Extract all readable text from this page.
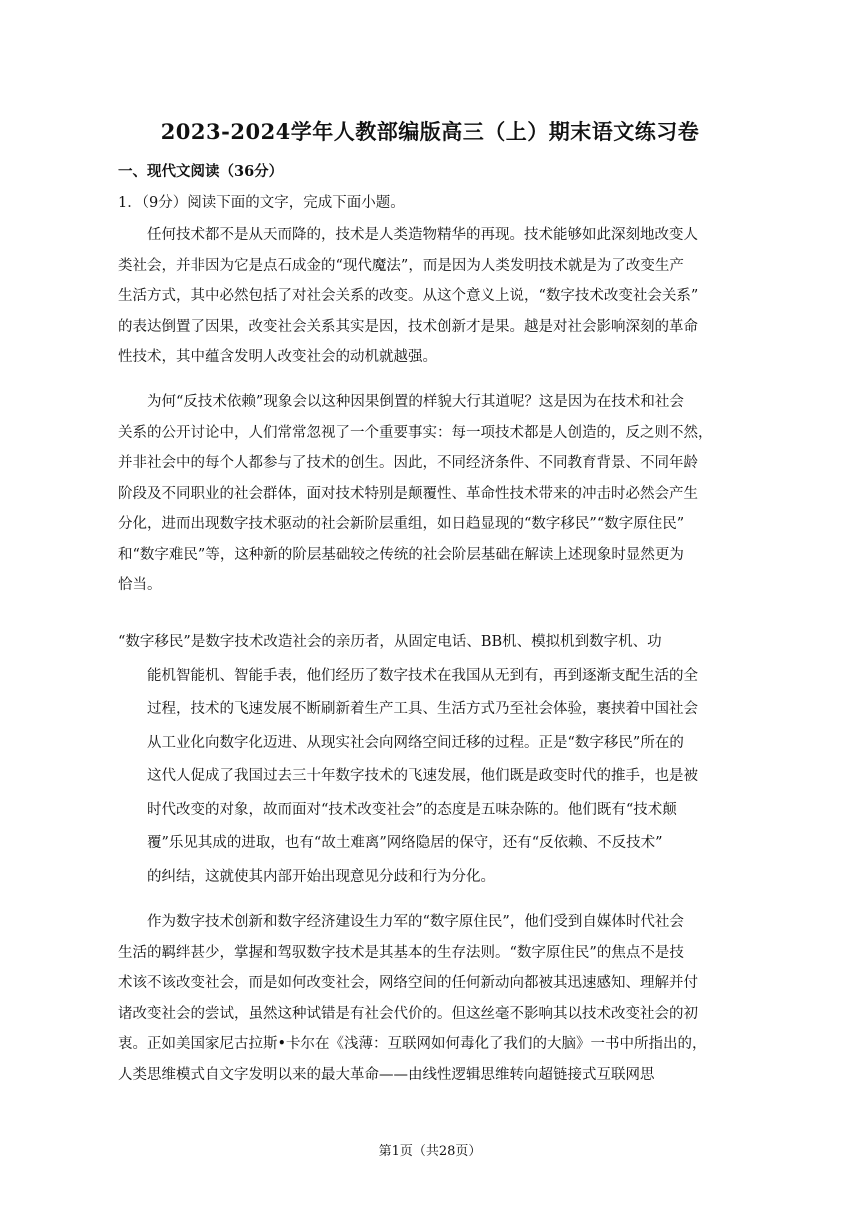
2023-2024学年人教部编版高三（上）期末语文练习卷
一、现代文阅读（36分）
1．（9分）阅读下面的文字，完成下面小题。
任何技术都不是从天而降的，技术是人类造物精华的再现。技术能够如此深刻地改变人
类社会，并非因为它是点石成金的“现代魔法”，而是因为人类发明技术就是为了改变生产
生活方式，其中必然包括了对社会关系的改变。从这个意义上说，“数字技术改变社会关系”
的表达倒置了因果，改变社会关系其实是因，技术创新才是果。越是对社会影响深刻的革命
性技术，其中蕴含发明人改变社会的动机就越强。
为何“反技术依赖”现象会以这种因果倒置的样貌大行其道呢？这是因为在技术和社会
关系的公开讨论中，人们常常忽视了一个重要事实：每一项技术都是人创造的，反之则不然，
并非社会中的每个人都参与了技术的创生。因此，不同经济条件、不同教育背景、不同年龄
阶段及不同职业的社会群体，面对技术特别是颠覆性、革命性技术带来的冲击时必然会产生
分化，进而出现数字技术驱动的社会新阶层重组，如日趋显现的“数字移民”“数字原住民”
和“数字难民”等，这种新的阶层基础较之传统的社会阶层基础在解读上述现象时显然更为
恰当。
“数字移民”是数字技术改造社会的亲历者，从固定电话、BB机、模拟机到数字机、功
能机智能机、智能手表，他们经历了数字技术在我国从无到有，再到逐渐支配生活的全
过程，技术的飞速发展不断刷新着生产工具、生活方式乃至社会体验，裹挟着中国社会
从工业化向数字化迈进、从现实社会向网络空间迁移的过程。正是“数字移民”所在的
这代人促成了我国过去三十年数字技术的飞速发展，他们既是政变时代的推手，也是被
时代改变的对象，故而面对“技术改变社会”的态度是五味杂陈的。他们既有“技术颠
覆”乐见其成的进取，也有“故土难离”网络隐居的保守，还有“反依赖、不反技术”
的纠结，这就使其内部开始出现意见分歧和行为分化。
作为数字技术创新和数字经济建设生力军的“数字原住民”，他们受到自媒体时代社会
生活的羁绊甚少，掌握和驾驭数字技术是其基本的生存法则。“数字原住民”的焦点不是技
术该不该改变社会，而是如何改变社会，网络空间的任何新动向都被其迅速感知、理解并付
诸改变社会的尝试，虽然这种试错是有社会代价的。但这丝毫不影响其以技术改变社会的初
衷。正如美国家尼古拉斯•卡尔在《浅薄：互联网如何毒化了我们的大脑》一书中所指出的，
人类思维模式自文字发明以来的最大革命——由线性逻辑思维转向超链接式互联网思
第1页（共28页）
